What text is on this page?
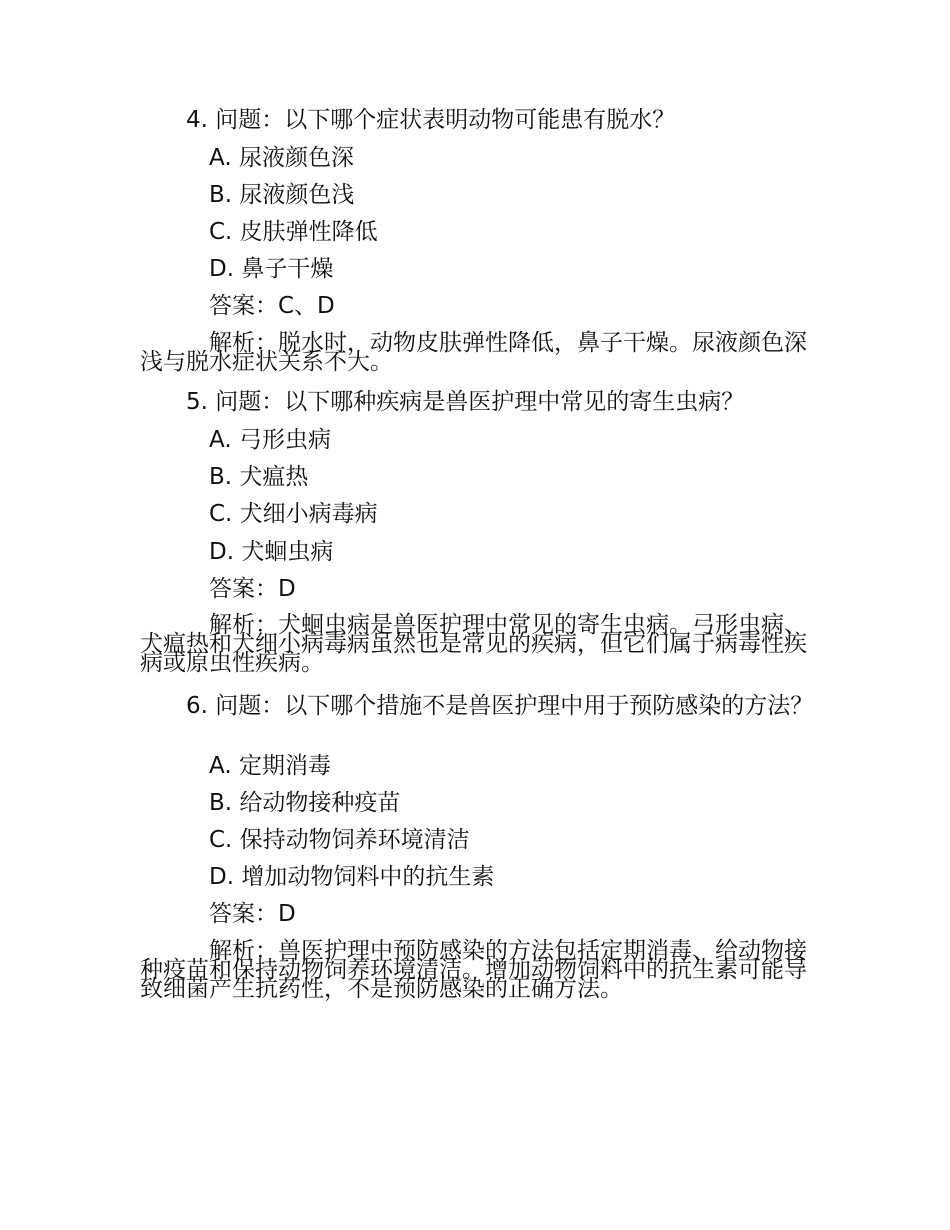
4. 问题：以下哪个症状表明动物可能患有脱水？
A. 尿液颜色深
B. 尿液颜色浅
C. 皮肤弹性降低
D. 鼻子干燥
答案：C、D
解析：脱水时，动物皮肤弹性降低，鼻子干燥。尿液颜色深浅与脱水症状关系不大。
5. 问题：以下哪种疾病是兽医护理中常见的寄生虫病？
A. 弓形虫病
B. 犬瘟热
C. 犬细小病毒病
D. 犬蛔虫病
答案：D
解析：犬蛔虫病是兽医护理中常见的寄生虫病。弓形虫病、犬瘟热和犬细小病毒病虽然也是常见的疾病，但它们属于病毒性疾病或原虫性疾病。
6. 问题：以下哪个措施不是兽医护理中用于预防感染的方法？
A. 定期消毒
B. 给动物接种疫苗
C. 保持动物饲养环境清洁
D. 增加动物饲料中的抗生素
答案：D
解析：兽医护理中预防感染的方法包括定期消毒、给动物接种疫苗和保持动物饲养环境清洁。增加动物饲料中的抗生素可能导致细菌产生抗药性，不是预防感染的正确方法。
